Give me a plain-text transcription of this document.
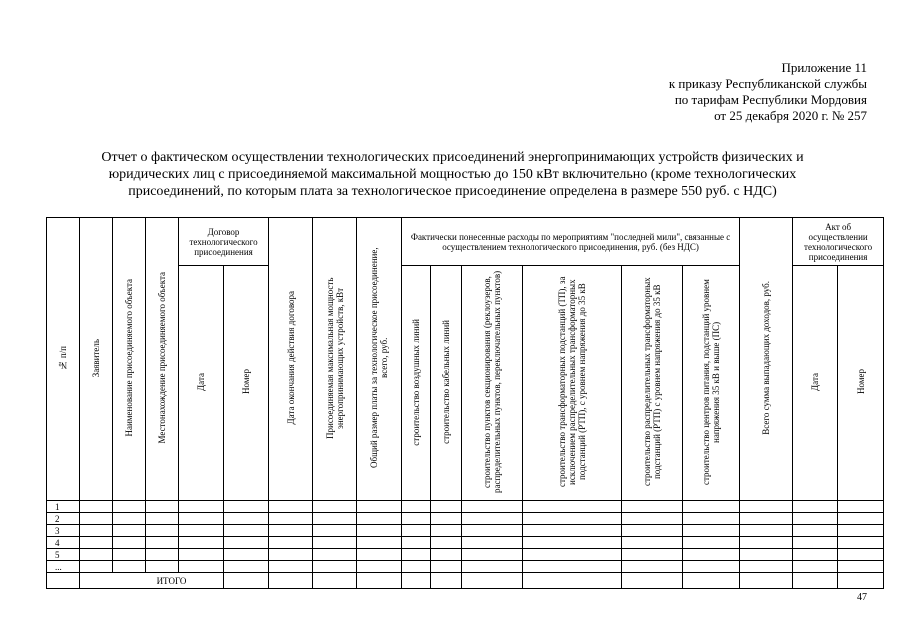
Приложение 11
к приказу Республиканской службы
по тарифам Республики Мордовия
от 25 декабря 2020 г. № 257
Отчет о фактическом осуществлении технологических присоединений энергопринимающих устройств физических и юридических лиц с присоединяемой максимальной мощностью до 150 кВт включительно (кроме технологических присоединений, по которым плата за технологическое присоединение определена в размере 550 руб. с НДС)
№ п/п	Заявитель	Наименование присоединяемого объекта	Местонахождение присоединяемого объекта	Договор технологического присоединения		Дата окончания действия договора	Присоединяемая максимальная мощность энергопринимающих устройств, кВт	Общий размер платы за технологическое присоединение, всего, руб.	Фактически понесенные расходы по мероприятиям "последней мили", связанные с осуществлением технологического присоединения, руб. (без НДС)						Всего сумма выпадающих доходов, руб.	Акт об осуществлении технологического присоединения	
				Дата	Номер				строительство воздушных линий	строительство кабельных линий	строительство пунктов секционирования (реклоузеров, распределительных пунктов, переключательных пунктов)	строительство трансформаторных подстанций (ТП), за исключением распределительных трансформаторных подстанций (РТП), с уровнем напряжения до 35 кВ	строительство распределительных трансформаторных подстанций (РТП) с уровнем напряжения до 35 кВ	строительство центров питания, подстанций уровнем напряжения 35 кВ и выше (ПС)		Дата	Номер
1																	
2																	
3																	
4																	
5																	
...																	
	ИТОГО																
47
